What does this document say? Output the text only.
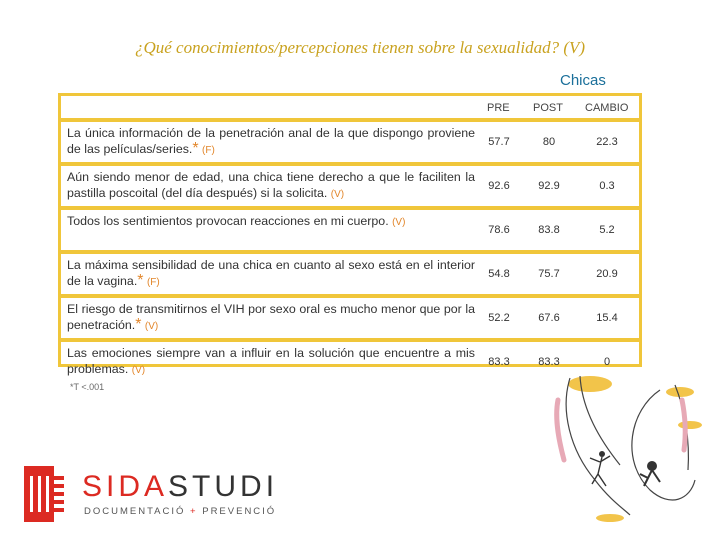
¿Qué conocimientos/percepciones tienen sobre la sexualidad? (V)
Chicas
PRE POST CAMBIO
La única información de la penetración anal de la que dispongo proviene de las películas/series.* (F)
57.7	80	22.3
Aún siendo menor de edad, una chica tiene derecho a que le faciliten la pastilla poscoital (del día después) si la solicita. (V)
92.6	92.9	0.3
Todos los sentimientos provocan reacciones en mi cuerpo. (V)
78.6	83.8	5.2
La máxima sensibilidad de una chica en cuanto al sexo está en el interior de la vagina.* (F)
54.8	75.7	20.9
El riesgo de transmitirnos el VIH por sexo oral es mucho menor que por la penetración.* (V)
52.2	67.6	15.4
Las emociones siempre van a influir en la solución que encuentre a mis problemas. (V)
83.3	83.3	0
*T <.001
SIDASTUDI
DOCUMENTACIÓ + PREVENCIÓ
